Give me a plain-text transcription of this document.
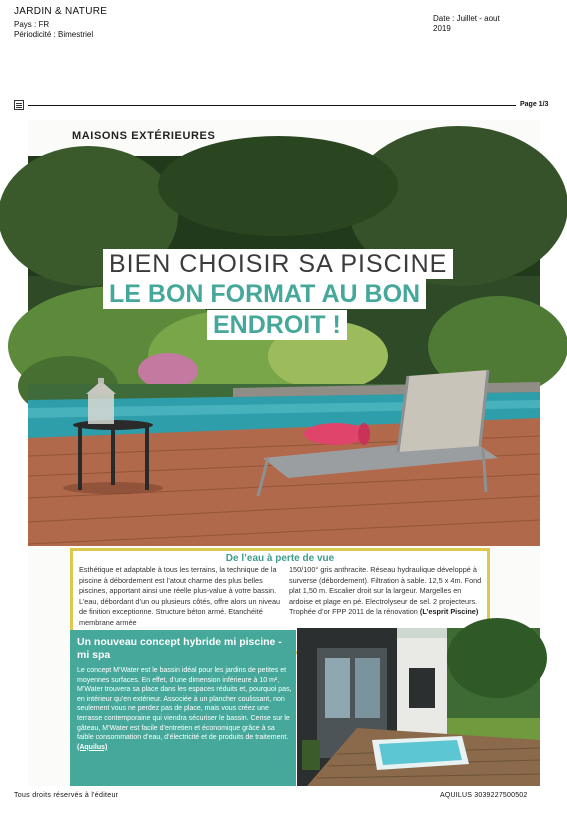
JARDIN & NATURE
Pays : FR
Périodicité : Bimestriel
Date : Juillet - aout
2019
Page 1/3
MAISONS EXTÉRIEURES
BIEN CHOISIR SA PISCINE
LE BON FORMAT AU BON
ENDROIT !
De l’eau à perte de vue
Esthétique et adaptable à tous les terrains, la technique de la piscine à débordement est l’atout charme des plus belles piscines, apportant ainsi une réelle plus-value à votre bassin. L’eau, débordant d’un ou plusieurs côtés, offre alors un niveau de finition exceptionne. Structure béton armé. Etanchéité membrane armée
150/100° gris anthracite. Réseau hydraulique développé à surverse (débordement). Filtration à sable. 12,5 x 4m. Fond plat 1,50 m. Escalier droit sur la largeur. Margelles en ardoise et plage en pé. Electrolyseur de sel. 2 projecteurs. Trophée d’or FPP 2011 de la rénovation (L’esprit Piscine)
Un nouveau concept hybride mi piscine - mi spa
Le concept M’Water est le bassin idéal pour les jardins de petites et moyennes surfaces. En effet, d’une dimension inférieure à 10 m², M’Water trouvera sa place dans les espaces réduits et, pourquoi pas, en intérieur qu’en extérieur. Associée à un plancher coulissant, non seulement vous ne perdez pas de place, mais vous créez une terrasse contemporaine qui viendra sécuriser le bassin. Cerise sur le gâteau, M’Water est facile d’entretien et économique grâce à sa faible consommation d’eau, d’électricité et de produits de traitement. (Aquilus)
Tous droits réservés à l'éditeur	AQUILUS 3039227500502
